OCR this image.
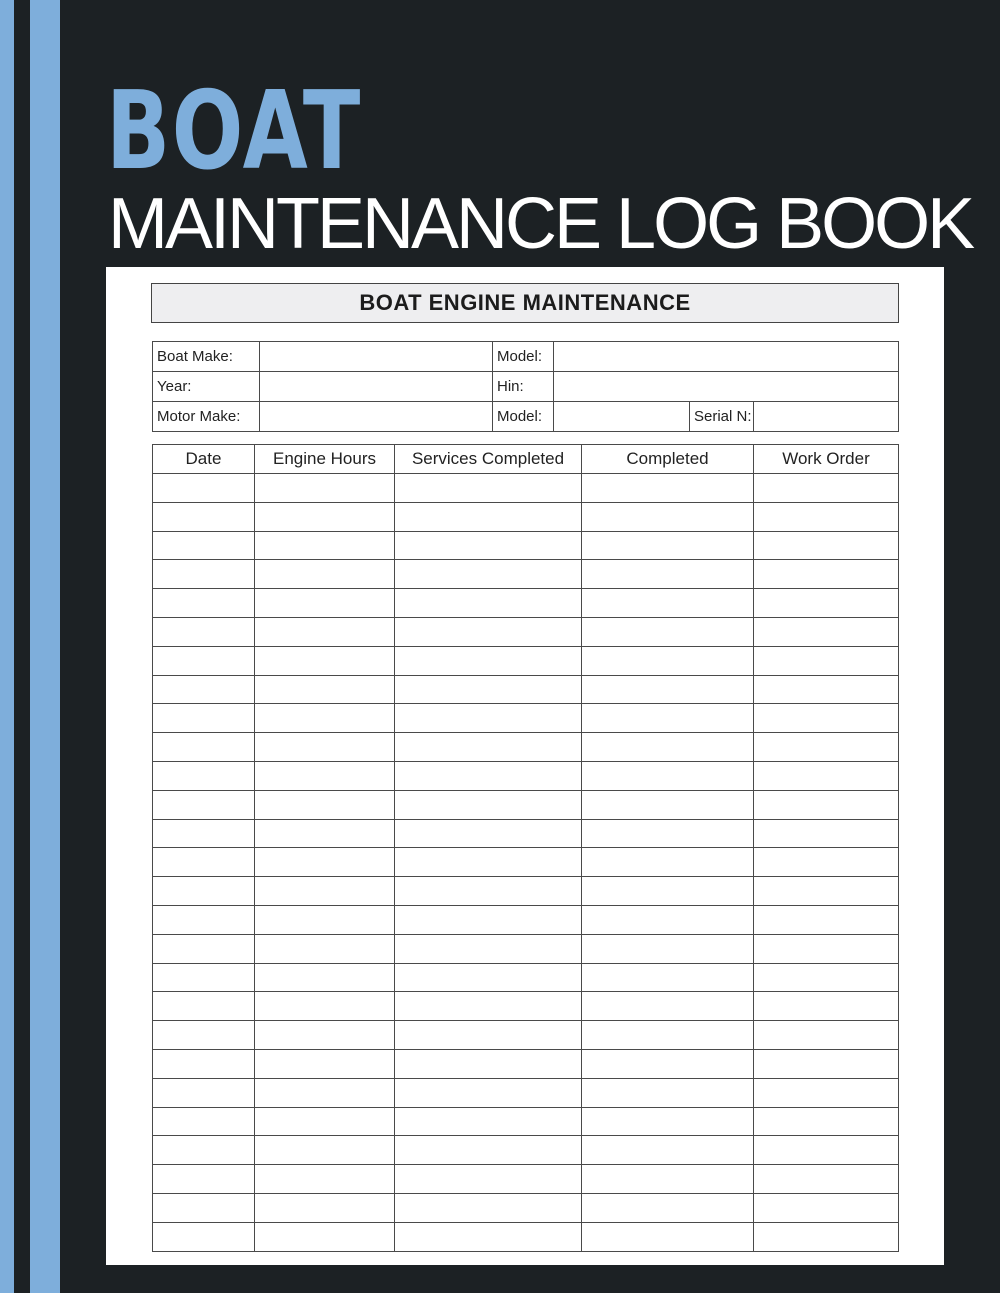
BOAT
MAINTENANCE LOG BOOK
BOAT ENGINE MAINTENANCE
Boat Make:		Model:			
Year:		Hin:			
Motor Make:		Model:		Serial N:	
Date	Engine Hours	Services Completed	Completed	Work Order
